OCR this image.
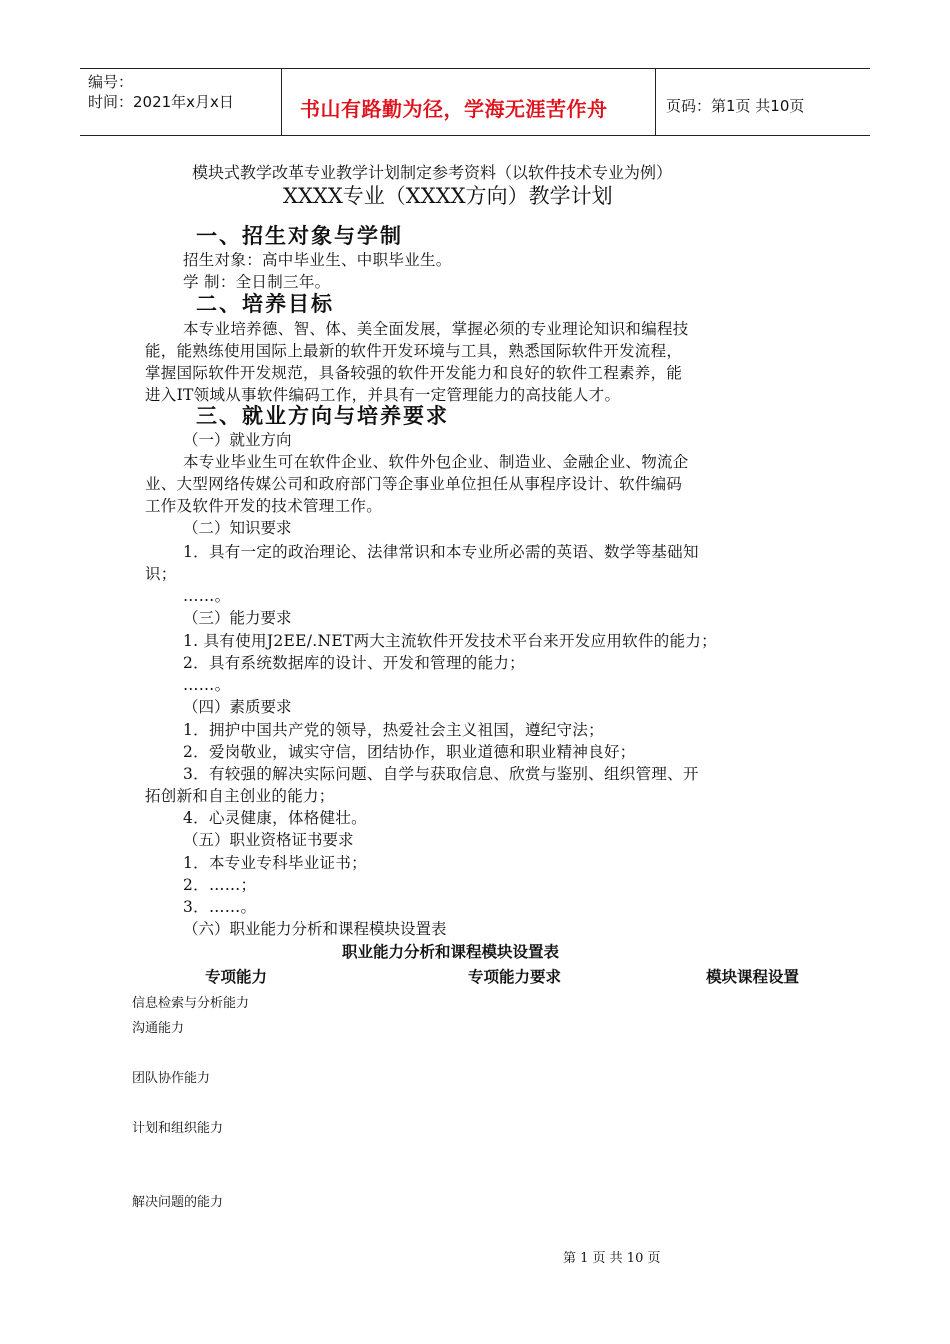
编号：
时间：2021年x月x日	书山有路勤为径，学海无涯苦作舟	页码：第1页 共10页
模块式教学改革专业教学计划制定参考资料（以软件技术专业为例）
XXXX专业（XXXX方向）教学计划
一、招生对象与学制
招生对象：高中毕业生、中职毕业生。
学 制：全日制三年。
二、培养目标
本专业培养德、智、体、美全面发展，掌握必须的专业理论知识和编程技
能，能熟练使用国际上最新的软件开发环境与工具，熟悉国际软件开发流程，
掌握国际软件开发规范，具备较强的软件开发能力和良好的软件工程素养，能
进入IT领域从事软件编码工作，并具有一定管理能力的高技能人才。
三、就业方向与培养要求
（一）就业方向
本专业毕业生可在软件企业、软件外包企业、制造业、金融企业、物流企
业、大型网络传媒公司和政府部门等企事业单位担任从事程序设计、软件编码
工作及软件开发的技术管理工作。
（二）知识要求
1．具有一定的政治理论、法律常识和本专业所必需的英语、数学等基础知
识；
……。
（三）能力要求
1. 具有使用J2EE/.NET两大主流软件开发技术平台来开发应用软件的能力；
2．具有系统数据库的设计、开发和管理的能力；
……。
（四）素质要求
1．拥护中国共产党的领导，热爱社会主义祖国，遵纪守法；
2．爱岗敬业，诚实守信，团结协作，职业道德和职业精神良好；
3．有较强的解决实际问题、自学与获取信息、欣赏与鉴别、组织管理、开
拓创新和自主创业的能力；
4．心灵健康，体格健壮。
（五）职业资格证书要求
1．本专业专科毕业证书；
2．……；
3．……。
（六）职业能力分析和课程模块设置表
职业能力分析和课程模块设置表
专项能力	专项能力要求	模块课程设置
信息检索与分析能力
沟通能力
团队协作能力
计划和组织能力
解决问题的能力
第 1 页 共 10 页
